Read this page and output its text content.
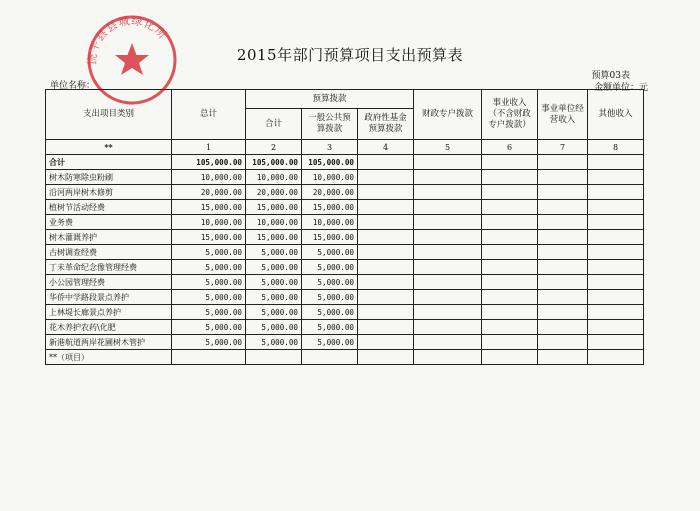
饶平县县城绿化所
2015年部门预算项目支出预算表
单位名称：
预算03表
金额单位：元
支出项目类别	总计	预算拨款			财政专户拨款	事业收入（不含财政专户拨款）	事业单位经营收入	其他收入
		合计	一般公共预算拨款	政府性基金预算拨款				
**	1	2	3	4	5	6	7	8
合计	105,000.00	105,000.00	105,000.00					
树木防寒除虫粉刷	10,000.00	10,000.00	10,000.00					
沿河两岸树木修剪	20,000.00	20,000.00	20,000.00					
植树节活动经费	15,000.00	15,000.00	15,000.00					
业务费	10,000.00	10,000.00	10,000.00					
树木灌溉养护	15,000.00	15,000.00	15,000.00					
古树调查经费	5,000.00	5,000.00	5,000.00					
丁未革命纪念像管理经费	5,000.00	5,000.00	5,000.00					
小公园管理经费	5,000.00	5,000.00	5,000.00					
华侨中学路段景点养护	5,000.00	5,000.00	5,000.00					
上林堤长廊景点养护	5,000.00	5,000.00	5,000.00					
花木养护农药\化肥	5,000.00	5,000.00	5,000.00					
新港航道两岸花圃树木管护	5,000.00	5,000.00	5,000.00					
**（项目）								
